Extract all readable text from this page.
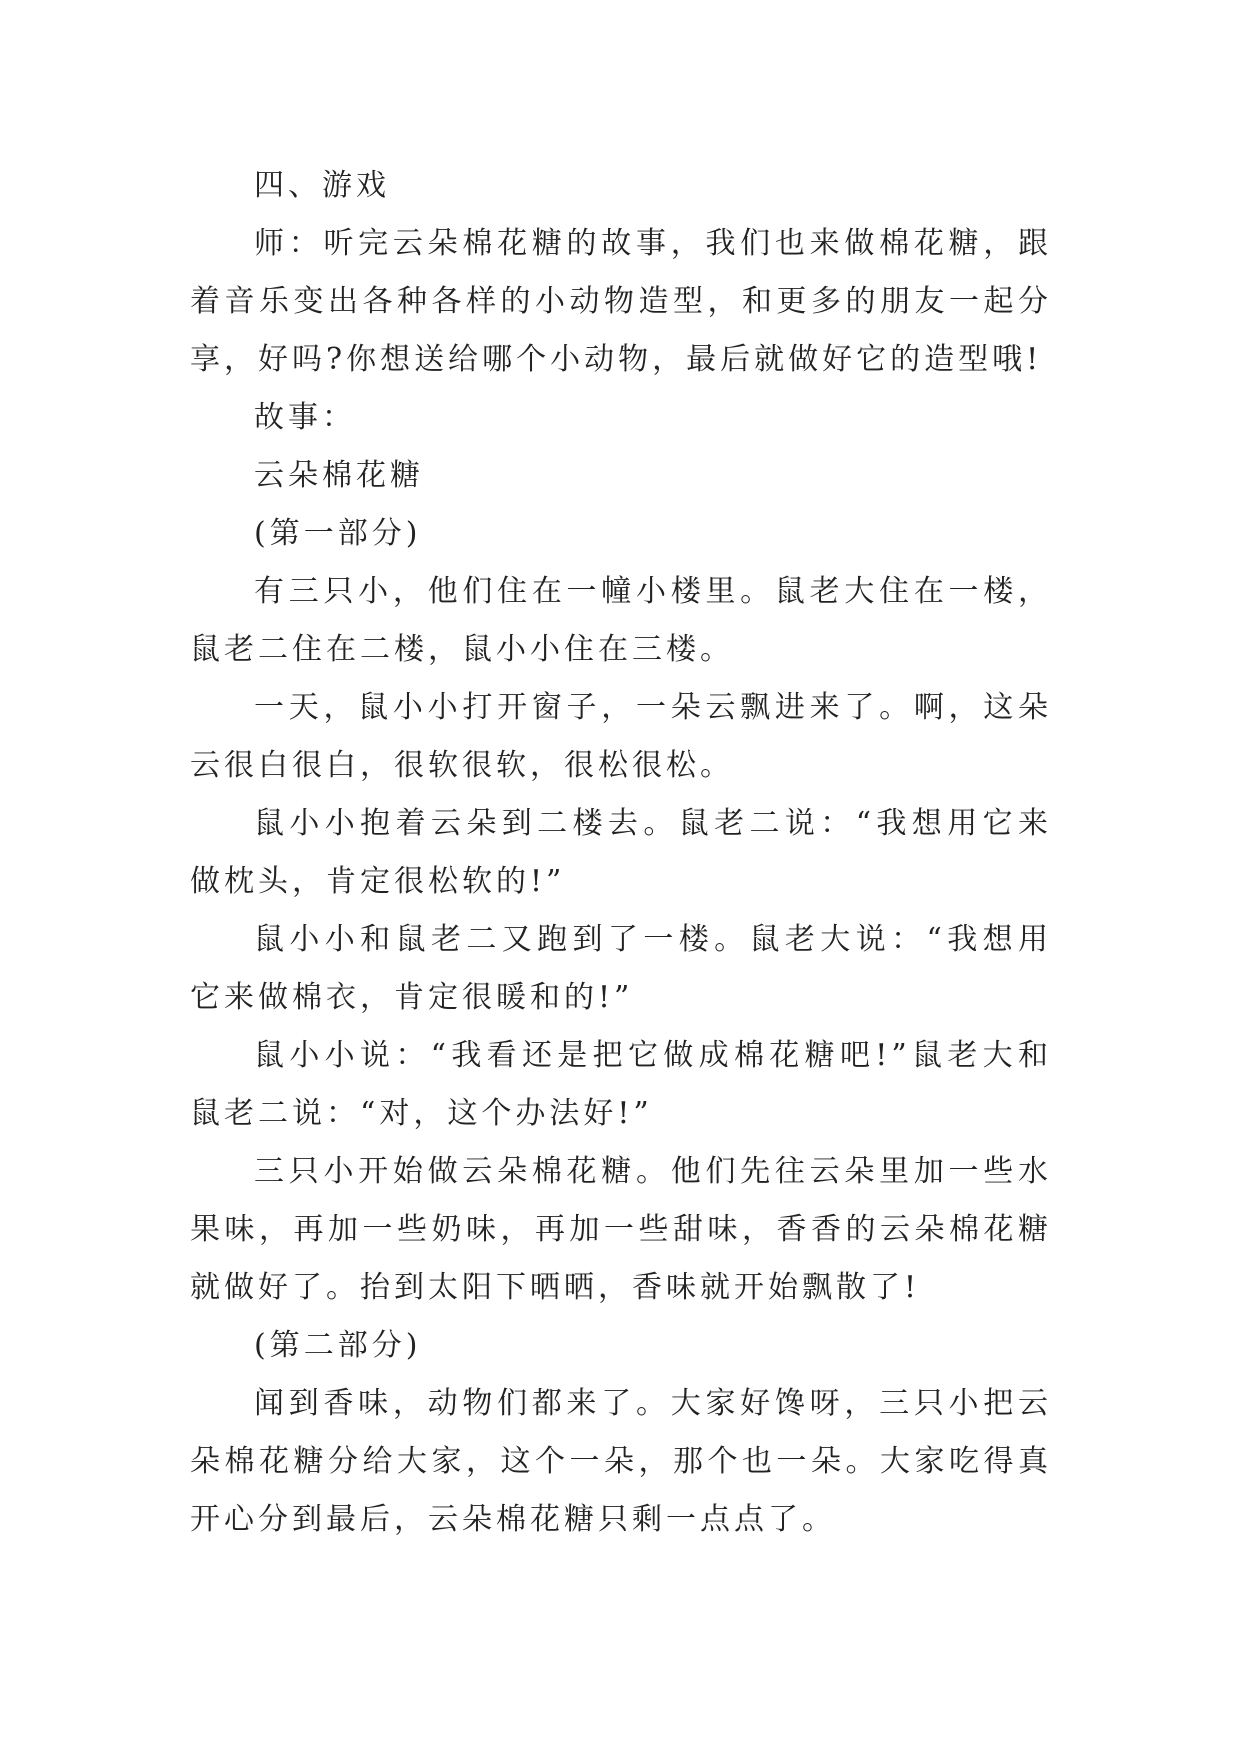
四、游戏

师：听完云朵棉花糖的故事，我们也来做棉花糖，跟着音乐变出各种各样的小动物造型，和更多的朋友一起分享，好吗?你想送给哪个小动物，最后就做好它的造型哦!

故事：

云朵棉花糖

(第一部分)

有三只小，他们住在一幢小楼里。鼠老大住在一楼，鼠老二住在二楼，鼠小小住在三楼。

一天，鼠小小打开窗子，一朵云飘进来了。啊，这朵云很白很白，很软很软，很松很松。

鼠小小抱着云朵到二楼去。鼠老二说：“我想用它来做枕头，肯定很松软的!”

鼠小小和鼠老二又跑到了一楼。鼠老大说：“我想用它来做棉衣，肯定很暖和的!”

鼠小小说：“我看还是把它做成棉花糖吧!”鼠老大和鼠老二说：“对，这个办法好!”

三只小开始做云朵棉花糖。他们先往云朵里加一些水果味，再加一些奶味，再加一些甜味，香香的云朵棉花糖就做好了。抬到太阳下晒晒，香味就开始飘散了!

(第二部分)

闻到香味，动物们都来了。大家好馋呀，三只小把云朵棉花糖分给大家，这个一朵，那个也一朵。大家吃得真开心分到最后，云朵棉花糖只剩一点点了。
